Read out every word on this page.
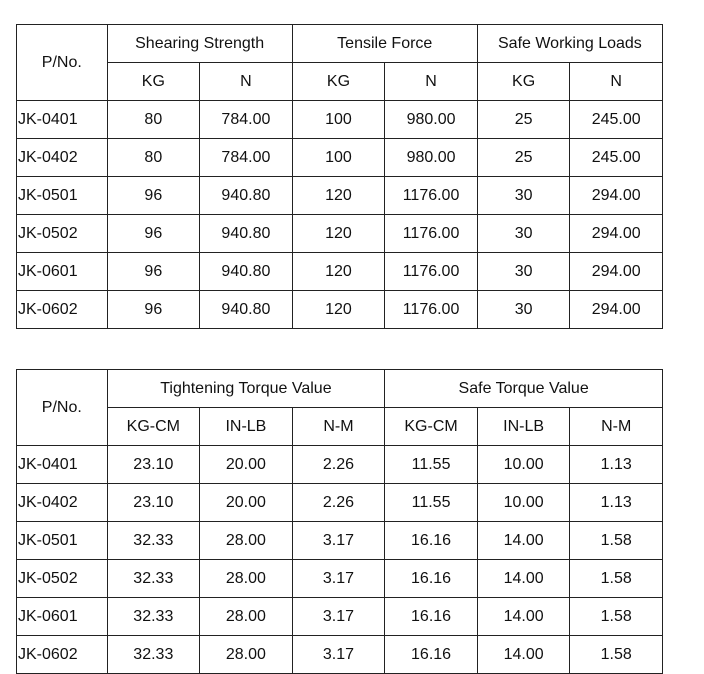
P/No.	Shearing Strength		Tensile Force		Safe Working Loads	
	KG	N	KG	N	KG	N
JK-0401	80	784.00	100	980.00	25	245.00
JK-0402	80	784.00	100	980.00	25	245.00
JK-0501	96	940.80	120	1176.00	30	294.00
JK-0502	96	940.80	120	1176.00	30	294.00
JK-0601	96	940.80	120	1176.00	30	294.00
JK-0602	96	940.80	120	1176.00	30	294.00
P/No.	Tightening Torque Value			Safe Torque Value		
	KG-CM	IN-LB	N-M	KG-CM	IN-LB	N-M
JK-0401	23.10	20.00	2.26	11.55	10.00	1.13
JK-0402	23.10	20.00	2.26	11.55	10.00	1.13
JK-0501	32.33	28.00	3.17	16.16	14.00	1.58
JK-0502	32.33	28.00	3.17	16.16	14.00	1.58
JK-0601	32.33	28.00	3.17	16.16	14.00	1.58
JK-0602	32.33	28.00	3.17	16.16	14.00	1.58
